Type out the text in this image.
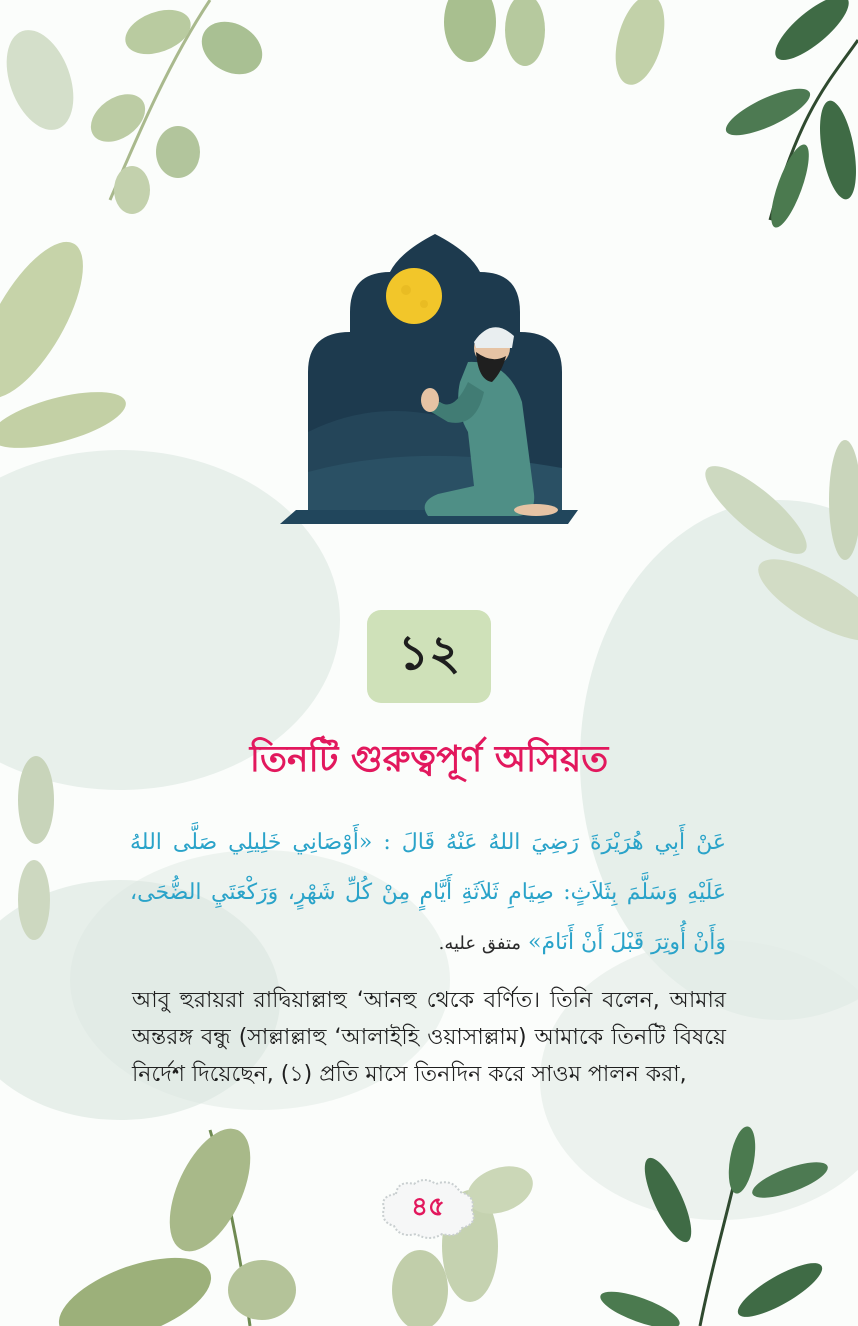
১২
তিনটি গুরুত্বপূর্ণ অসিয়ত
عَنْ أَبِي هُرَيْرَةَ رَضِيَ اللهُ عَنْهُ قَالَ : «أَوْصَانِي خَلِيلِي صَلَّى اللهُ عَلَيْهِ وَسَلَّمَ بِثَلاَثٍ: صِيَامِ ثَلاَثَةِ أَيَّامٍ مِنْ كُلِّ شَهْرٍ، وَرَكْعَتَيِ الضُّحَى، وَأَنْ أُوتِرَ قَبْلَ أَنْ أَنَامَ» متفق عليه.
আবু হুরায়রা রাদ্বিয়াল্লাহু ‘আনহু থেকে বর্ণিত। তিনি বলেন, আমার অন্তরঙ্গ বন্ধু (সাল্লাল্লাহু ‘আলাইহি ওয়াসাল্লাম) আমাকে তিনটি বিষয়ে নির্দেশ দিয়েছেন, (১) প্রতি মাসে তিনদিন করে সাওম পালন করা,
৪৫
